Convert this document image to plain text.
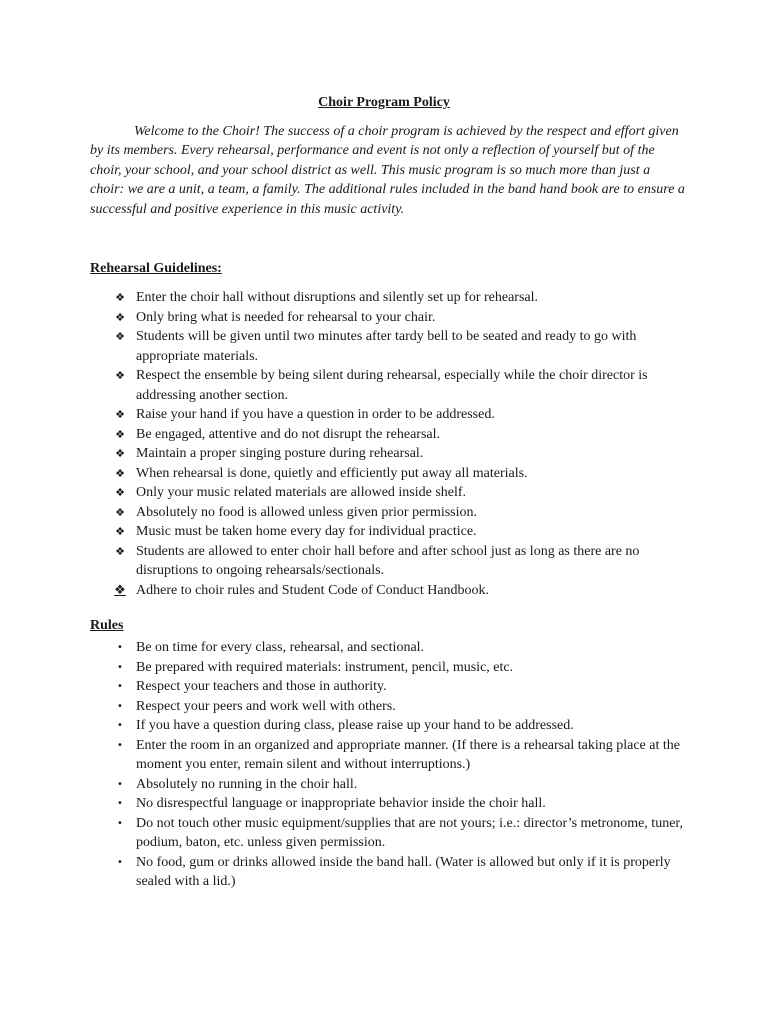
Choir Program Policy

Welcome to the Choir! The success of a choir program is achieved by the respect and effort given by its members. Every rehearsal, performance and event is not only a reflection of yourself but of the choir, your school, and your school district as well. This music program is so much more than just a choir: we are a unit, a team, a family. The additional rules included in the band hand book are to ensure a successful and positive experience in this music activity.

Rehearsal Guidelines:
❖ Enter the choir hall without disruptions and silently set up for rehearsal.
❖ Only bring what is needed for rehearsal to your chair.
❖ Students will be given until two minutes after tardy bell to be seated and ready to go with appropriate materials.
❖ Respect the ensemble by being silent during rehearsal, especially while the choir director is addressing another section.
❖ Raise your hand if you have a question in order to be addressed.
❖ Be engaged, attentive and do not disrupt the rehearsal.
❖ Maintain a proper singing posture during rehearsal.
❖ When rehearsal is done, quietly and efficiently put away all materials.
❖ Only your music related materials are allowed inside shelf.
❖ Absolutely no food is allowed unless given prior permission.
❖ Music must be taken home every day for individual practice.
❖ Students are allowed to enter choir hall before and after school just as long as there are no disruptions to ongoing rehearsals/sectionals.
❖ Adhere to choir rules and Student Code of Conduct Handbook.
Rules
• Be on time for every class, rehearsal, and sectional.
• Be prepared with required materials: instrument, pencil, music, etc.
• Respect your teachers and those in authority.
• Respect your peers and work well with others.
• If you have a question during class, please raise up your hand to be addressed.
• Enter the room in an organized and appropriate manner. (If there is a rehearsal taking place at the moment you enter, remain silent and without interruptions.)
• Absolutely no running in the choir hall.
• No disrespectful language or inappropriate behavior inside the choir hall.
• Do not touch other music equipment/supplies that are not yours; i.e.: director’s metronome, tuner, podium, baton, etc. unless given permission.
• No food, gum or drinks allowed inside the band hall. (Water is allowed but only if it is properly sealed with a lid.)
